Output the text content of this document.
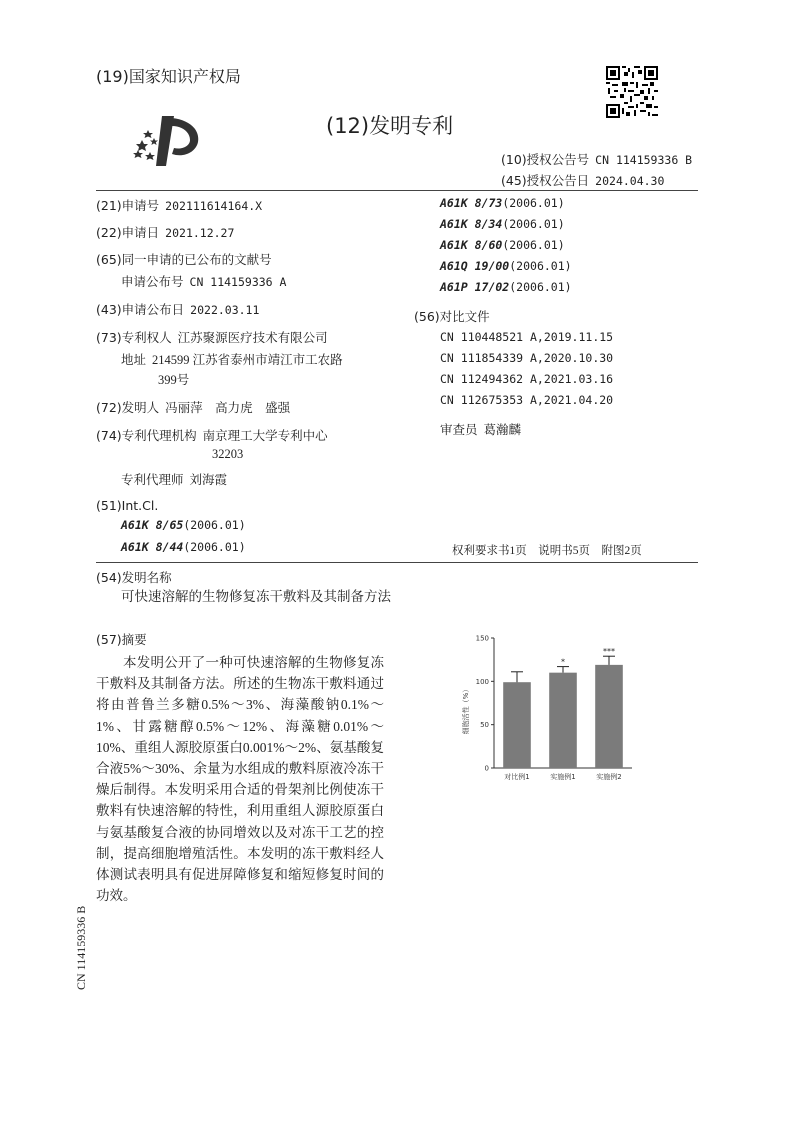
(19)国家知识产权局
(12)发明专利
(10)授权公告号 CN 114159336 B
(45)授权公告日 2024.04.30
(21)申请号 202111614164.X
(22)申请日 2021.12.27
(65)同一申请的已公布的文献号
申请公布号 CN 114159336 A
(43)申请公布日 2022.03.11
(73)专利权人 江苏聚源医疗技术有限公司
地址 214599 江苏省泰州市靖江市工农路
399号
(72)发明人 冯丽萍　高力虎　盛强
(74)专利代理机构 南京理工大学专利中心
32203
专利代理师 刘海霞
(51)Int.Cl.
A61K 8/65(2006.01)
A61K 8/44(2006.01)
A61K 8/73(2006.01)
A61K 8/34(2006.01)
A61K 8/60(2006.01)
A61Q 19/00(2006.01)
A61P 17/02(2006.01)
(56)对比文件
CN 110448521 A,2019.11.15
CN 111854339 A,2020.10.30
CN 112494362 A,2021.03.16
CN 112675353 A,2021.04.20
审查员 葛瀚麟
权利要求书1页　说明书5页　附图2页
(54)发明名称
可快速溶解的生物修复冻干敷料及其制备方法
(57)摘要
本发明公开了一种可快速溶解的生物修复冻干敷料及其制备方法。所述的生物冻干敷料通过将由普鲁兰多糖0.5%～3%、海藻酸钠0.1%～1%、甘露糖醇0.5%～12%、海藻糖0.01%～10%、重组人源胶原蛋白0.001%～2%、氨基酸复合液5%～30%、余量为水组成的敷料原液冷冻干燥后制得。本发明采用合适的骨架剂比例使冻干敷料有快速溶解的特性，利用重组人源胶原蛋白与氨基酸复合液的协同增效以及对冻干工艺的控制，提高细胞增殖活性。本发明的冻干敷料经人体测试表明具有促进屏障修复和缩短修复时间的功效。
细胞活性（%）
0
50
100
150
*
***
对比例1	实施例1	实施例2
CN 114159336 B
